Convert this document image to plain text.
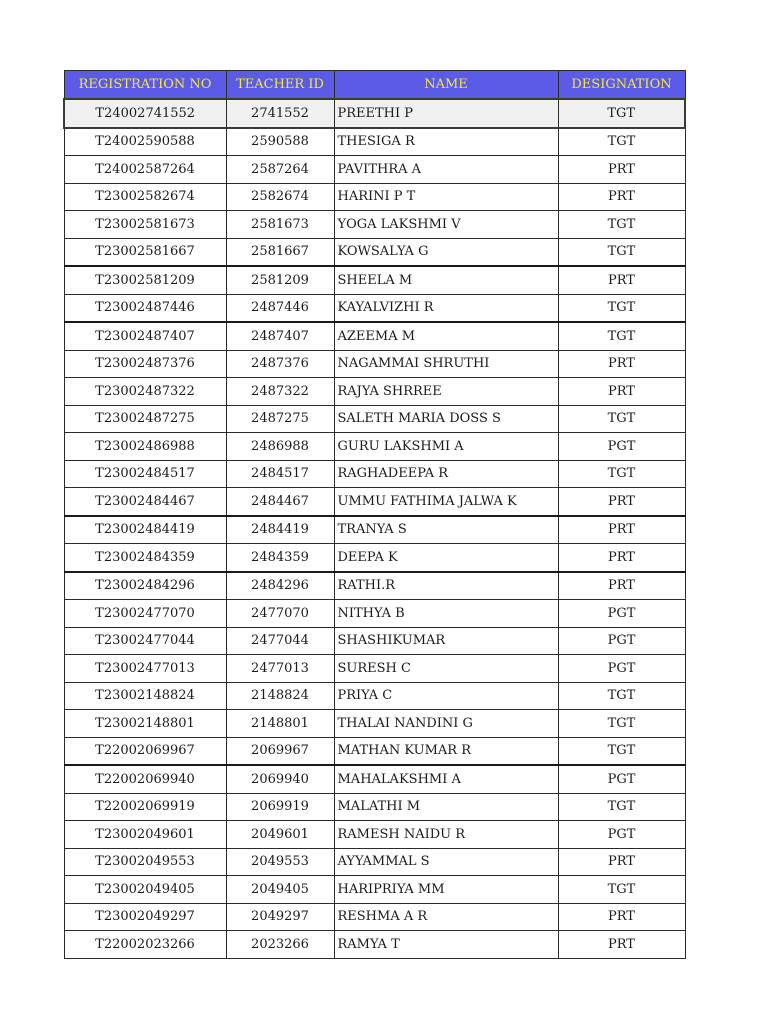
REGISTRATION NO	TEACHER ID	NAME	DESIGNATION
T24002741552	2741552	PREETHI P	TGT
T24002590588	2590588	THESIGA R	TGT
T24002587264	2587264	PAVITHRA A	PRT
T23002582674	2582674	HARINI P T	PRT
T23002581673	2581673	YOGA LAKSHMI V	TGT
T23002581667	2581667	KOWSALYA G	TGT
T23002581209	2581209	SHEELA M	PRT
T23002487446	2487446	KAYALVIZHI R	TGT
T23002487407	2487407	AZEEMA M	TGT
T23002487376	2487376	NAGAMMAI SHRUTHI	PRT
T23002487322	2487322	RAJYA SHRREE	PRT
T23002487275	2487275	SALETH MARIA DOSS S	TGT
T23002486988	2486988	GURU LAKSHMI A	PGT
T23002484517	2484517	RAGHADEEPA R	TGT
T23002484467	2484467	UMMU FATHIMA JALWA K	PRT
T23002484419	2484419	TRANYA S	PRT
T23002484359	2484359	DEEPA K	PRT
T23002484296	2484296	RATHI.R	PRT
T23002477070	2477070	NITHYA B	PGT
T23002477044	2477044	SHASHIKUMAR	PGT
T23002477013	2477013	SURESH C	PGT
T23002148824	2148824	PRIYA C	TGT
T23002148801	2148801	THALAI NANDINI G	TGT
T22002069967	2069967	MATHAN KUMAR R	TGT
T22002069940	2069940	MAHALAKSHMI A	PGT
T22002069919	2069919	MALATHI M	TGT
T23002049601	2049601	RAMESH NAIDU R	PGT
T23002049553	2049553	AYYAMMAL S	PRT
T23002049405	2049405	HARIPRIYA MM	TGT
T23002049297	2049297	RESHMA A R	PRT
T22002023266	2023266	RAMYA T	PRT
